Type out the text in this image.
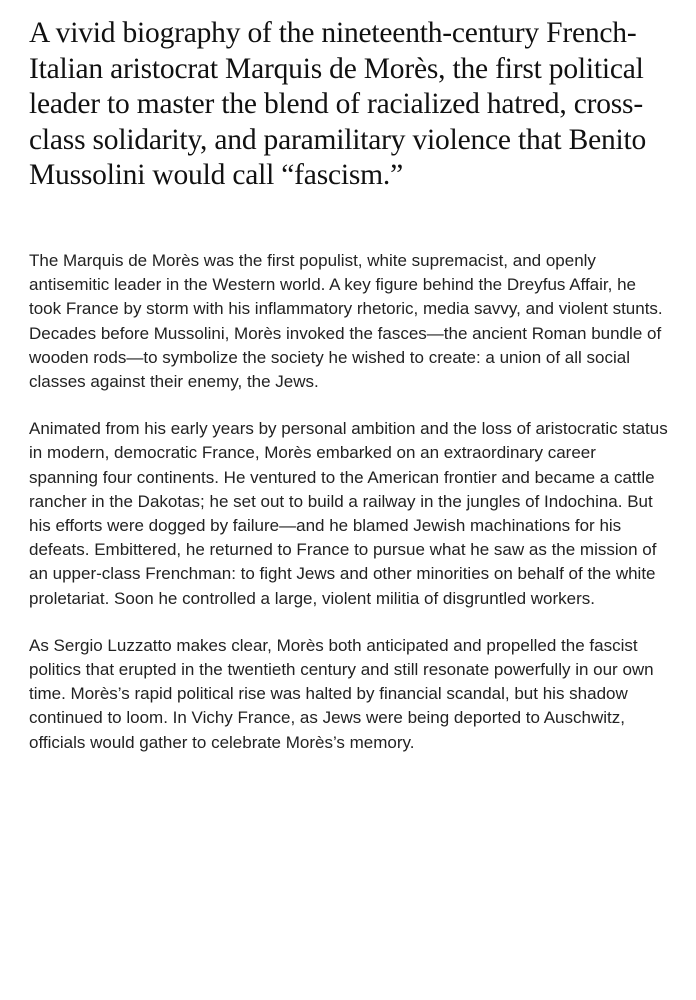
A vivid biography of the nineteenth-century French-Italian aristocrat Marquis de Morès, the first political leader to master the blend of racialized hatred, cross-class solidarity, and paramilitary violence that Benito Mussolini would call “fascism.”

The Marquis de Morès was the first populist, white supremacist, and openly antisemitic leader in the Western world. A key figure behind the Dreyfus Affair, he took France by storm with his inflammatory rhetoric, media savvy, and violent stunts. Decades before Mussolini, Morès invoked the fasces—the ancient Roman bundle of wooden rods—to symbolize the society he wished to create: a union of all social classes against their enemy, the Jews.

Animated from his early years by personal ambition and the loss of aristocratic status in modern, democratic France, Morès embarked on an extraordinary career spanning four continents. He ventured to the American frontier and became a cattle rancher in the Dakotas; he set out to build a railway in the jungles of Indochina. But his efforts were dogged by failure—and he blamed Jewish machinations for his defeats. Embittered, he returned to France to pursue what he saw as the mission of an upper-class Frenchman: to fight Jews and other minorities on behalf of the white proletariat. Soon he controlled a large, violent militia of disgruntled workers.

As Sergio Luzzatto makes clear, Morès both anticipated and propelled the fascist politics that erupted in the twentieth century and still resonate powerfully in our own time. Morès’s rapid political rise was halted by financial scandal, but his shadow continued to loom. In Vichy France, as Jews were being deported to Auschwitz, officials would gather to celebrate Morès’s memory.
